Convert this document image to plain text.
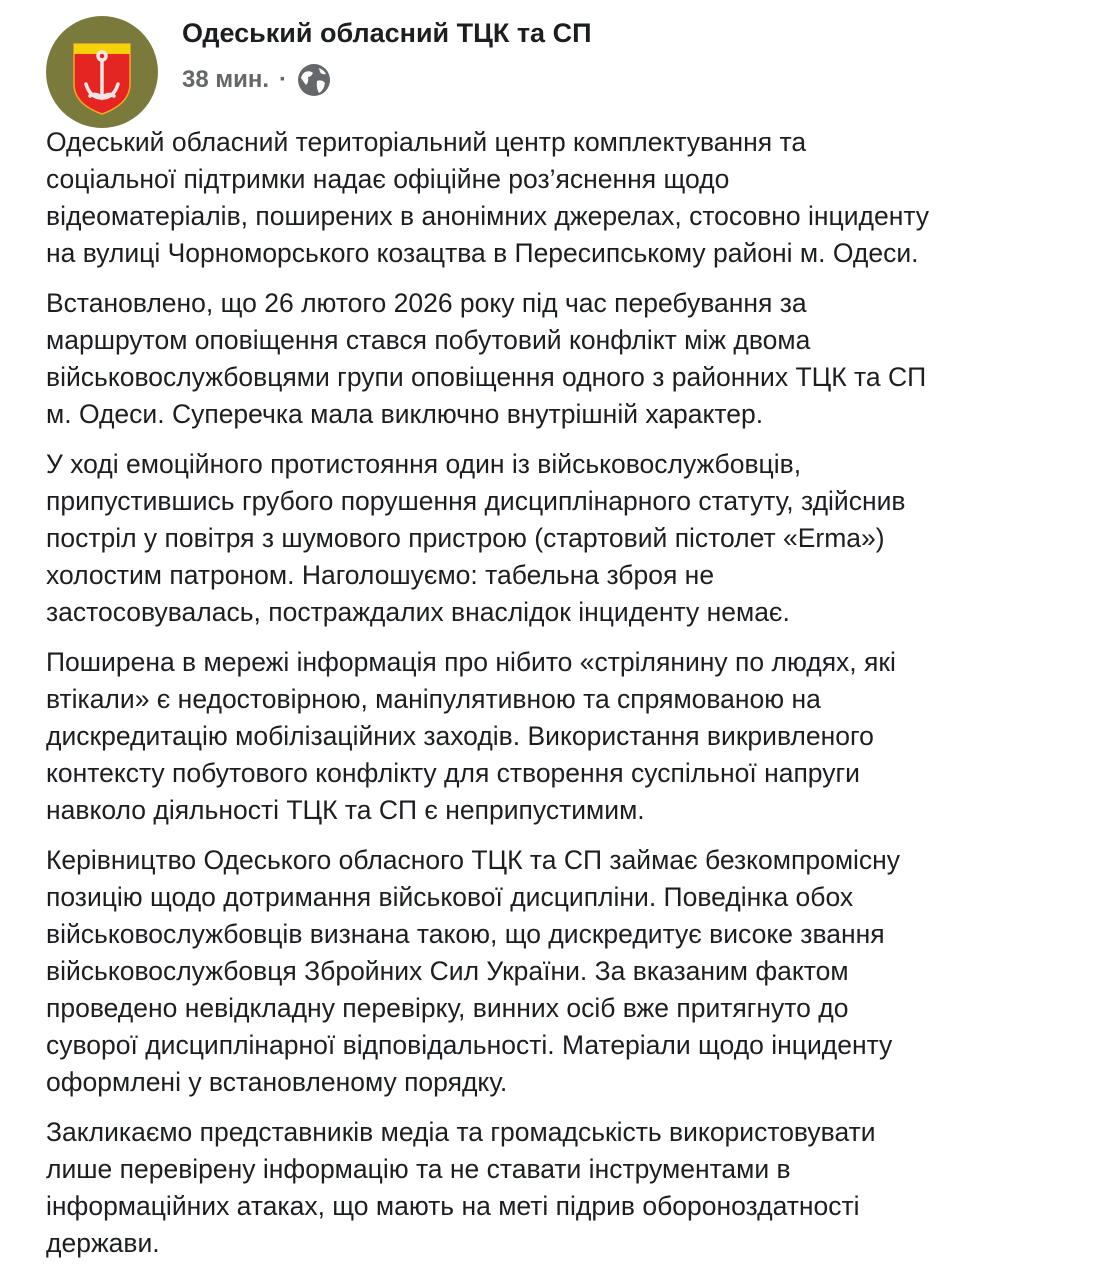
Одеський обласний ТЦК та СП
38 мин. ·
Одеський обласний територіальний центр комплектування та
соціальної підтримки надає офіційне роз’яснення щодо
відеоматеріалів, поширених в анонімних джерелах, стосовно інциденту
на вулиці Чорноморського козацтва в Пересипському районі м. Одеси.
Встановлено, що 26 лютого 2026 року під час перебування за
маршрутом оповіщення стався побутовий конфлікт між двома
військовослужбовцями групи оповіщення одного з районних ТЦК та СП
м. Одеси. Суперечка мала виключно внутрішній характер.
У ході емоційного протистояння один із військовослужбовців,
припустившись грубого порушення дисциплінарного статуту, здійснив
постріл у повітря з шумового пристрою (стартовий пістолет «Erma»)
холостим патроном. Наголошуємо: табельна зброя не
застосовувалась, постраждалих внаслідок інциденту немає.
Поширена в мережі інформація про нібито «стрілянину по людях, які
втікали» є недостовірною, маніпулятивною та спрямованою на
дискредитацію мобілізаційних заходів. Використання викривленого
контексту побутового конфлікту для створення суспільної напруги
навколо діяльності ТЦК та СП є неприпустимим.
Керівництво Одеського обласного ТЦК та СП займає безкомпромісну
позицію щодо дотримання військової дисципліни. Поведінка обох
військовослужбовців визнана такою, що дискредитує високе звання
військовослужбовця Збройних Сил України. За вказаним фактом
проведено невідкладну перевірку, винних осіб вже притягнуто до
суворої дисциплінарної відповідальності. Матеріали щодо інциденту
оформлені у встановленому порядку.
Закликаємо представників медіа та громадськість використовувати
лише перевірену інформацію та не ставати інструментами в
інформаційних атаках, що мають на меті підрив обороноздатності
держави.
